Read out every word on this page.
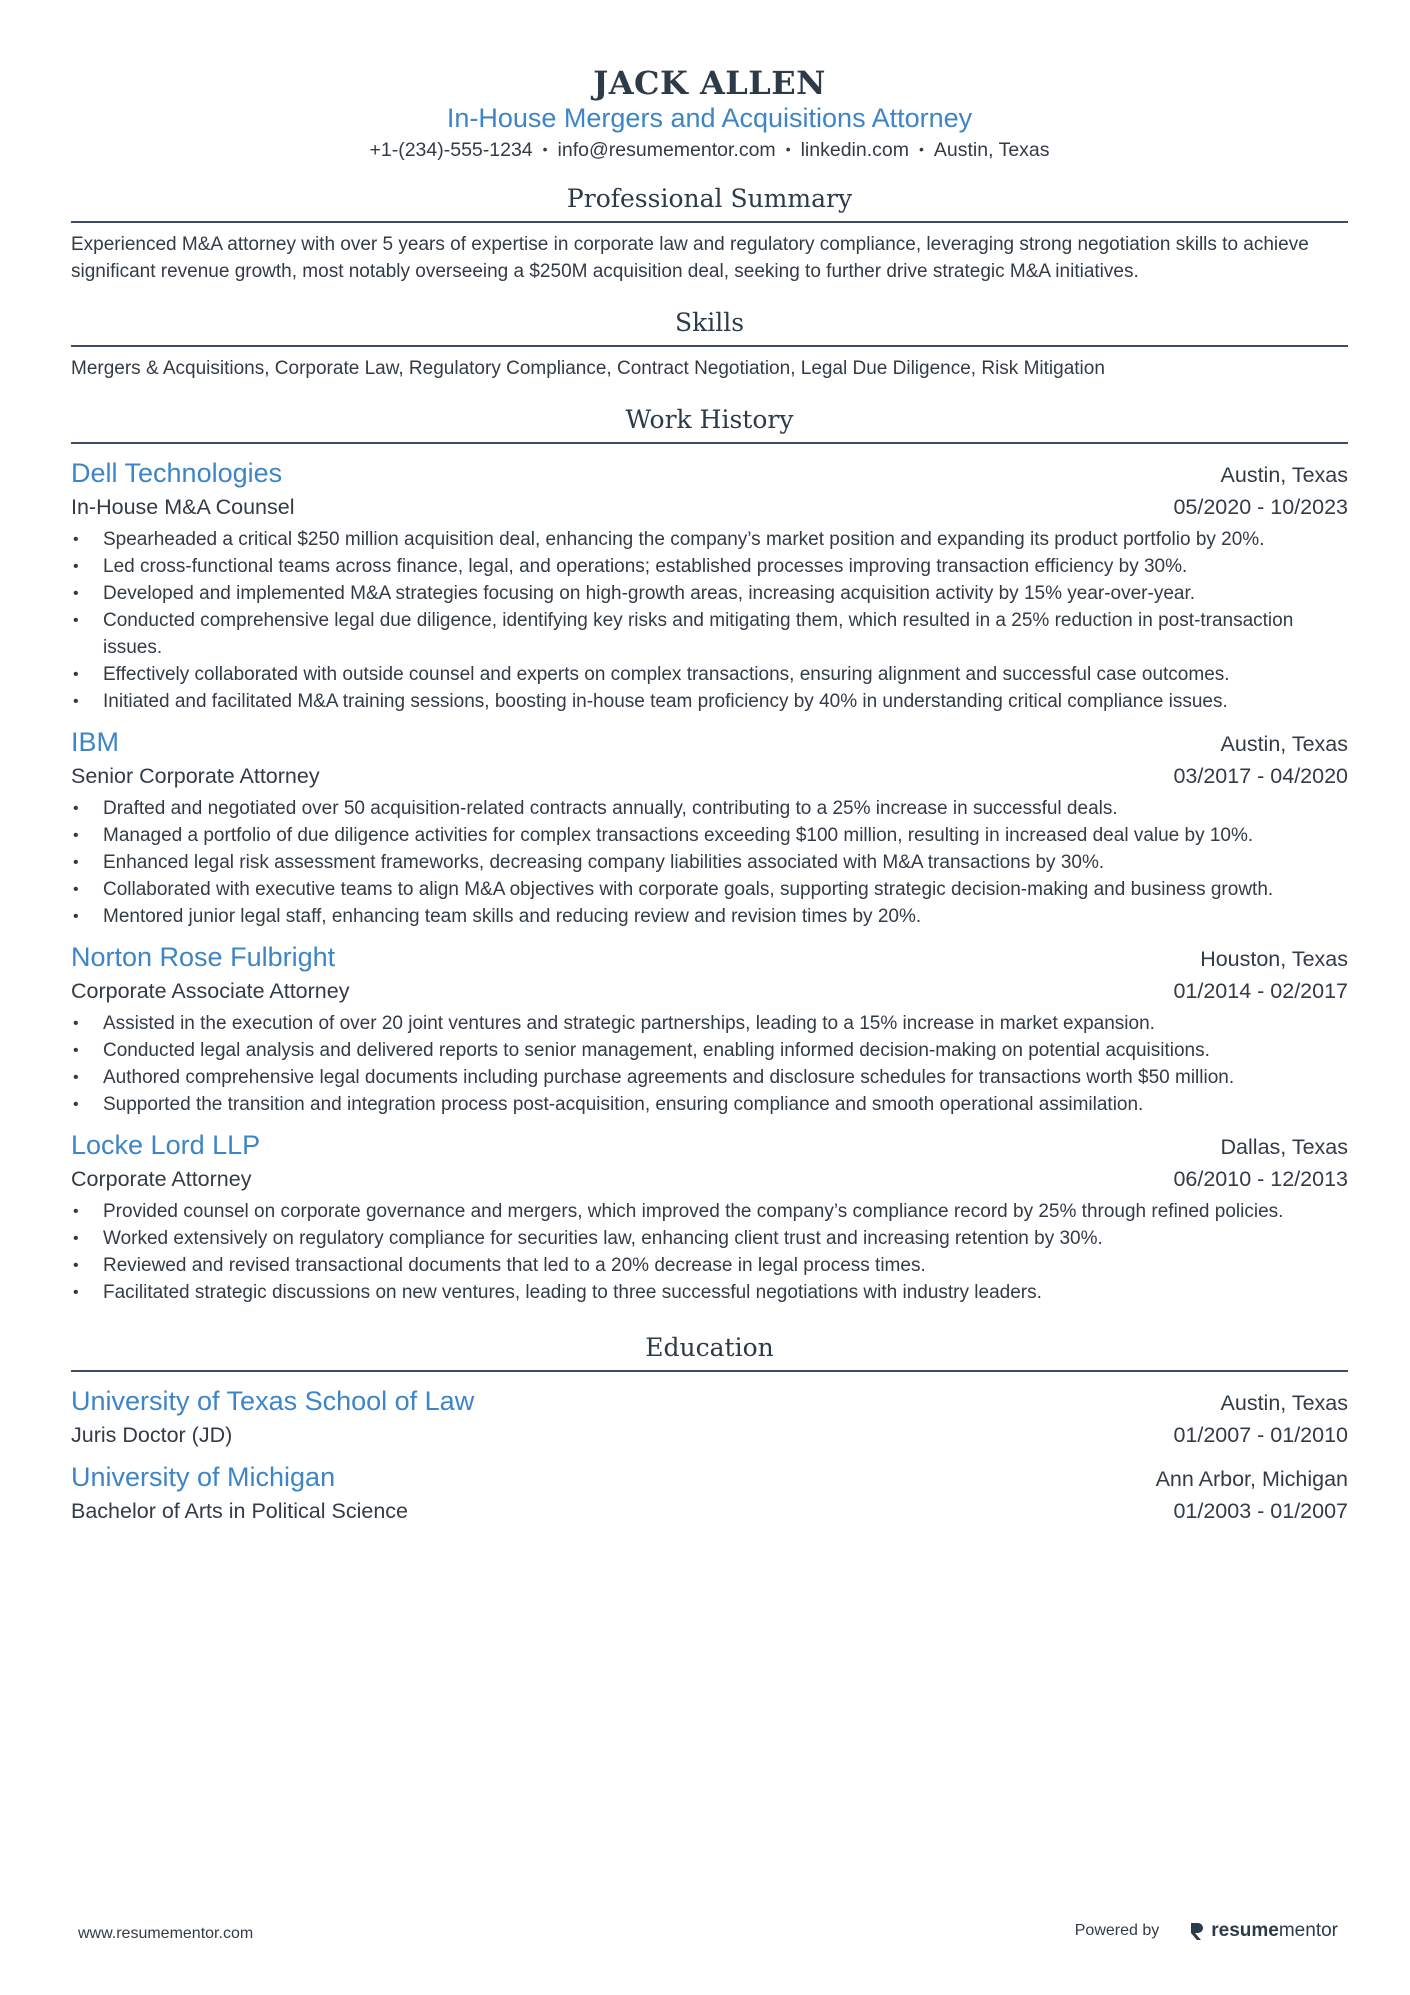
JACK ALLEN
In-House Mergers and Acquisitions Attorney
+1-(234)-555-1234 • info@resumementor.com • linkedin.com • Austin, Texas
Professional Summary
Experienced M&A attorney with over 5 years of expertise in corporate law and regulatory compliance, leveraging strong negotiation skills to achieve significant revenue growth, most notably overseeing a $250M acquisition deal, seeking to further drive strategic M&A initiatives.
Skills
Mergers & Acquisitions, Corporate Law, Regulatory Compliance, Contract Negotiation, Legal Due Diligence, Risk Mitigation
Work History
Dell Technologies	Austin, Texas
In-House M&A Counsel	05/2020 - 10/2023
• Spearheaded a critical $250 million acquisition deal, enhancing the company’s market position and expanding its product portfolio by 20%.
• Led cross-functional teams across finance, legal, and operations; established processes improving transaction efficiency by 30%.
• Developed and implemented M&A strategies focusing on high-growth areas, increasing acquisition activity by 15% year-over-year.
• Conducted comprehensive legal due diligence, identifying key risks and mitigating them, which resulted in a 25% reduction in post-transaction issues.
• Effectively collaborated with outside counsel and experts on complex transactions, ensuring alignment and successful case outcomes.
• Initiated and facilitated M&A training sessions, boosting in-house team proficiency by 40% in understanding critical compliance issues.
IBM	Austin, Texas
Senior Corporate Attorney	03/2017 - 04/2020
• Drafted and negotiated over 50 acquisition-related contracts annually, contributing to a 25% increase in successful deals.
• Managed a portfolio of due diligence activities for complex transactions exceeding $100 million, resulting in increased deal value by 10%.
• Enhanced legal risk assessment frameworks, decreasing company liabilities associated with M&A transactions by 30%.
• Collaborated with executive teams to align M&A objectives with corporate goals, supporting strategic decision-making and business growth.
• Mentored junior legal staff, enhancing team skills and reducing review and revision times by 20%.
Norton Rose Fulbright	Houston, Texas
Corporate Associate Attorney	01/2014 - 02/2017
• Assisted in the execution of over 20 joint ventures and strategic partnerships, leading to a 15% increase in market expansion.
• Conducted legal analysis and delivered reports to senior management, enabling informed decision-making on potential acquisitions.
• Authored comprehensive legal documents including purchase agreements and disclosure schedules for transactions worth $50 million.
• Supported the transition and integration process post-acquisition, ensuring compliance and smooth operational assimilation.
Locke Lord LLP	Dallas, Texas
Corporate Attorney	06/2010 - 12/2013
• Provided counsel on corporate governance and mergers, which improved the company’s compliance record by 25% through refined policies.
• Worked extensively on regulatory compliance for securities law, enhancing client trust and increasing retention by 30%.
• Reviewed and revised transactional documents that led to a 20% decrease in legal process times.
• Facilitated strategic discussions on new ventures, leading to three successful negotiations with industry leaders.
Education
University of Texas School of Law	Austin, Texas
Juris Doctor (JD)	01/2007 - 01/2010
University of Michigan	Ann Arbor, Michigan
Bachelor of Arts in Political Science	01/2003 - 01/2007
www.resumementor.com	Powered by	resume mentor
